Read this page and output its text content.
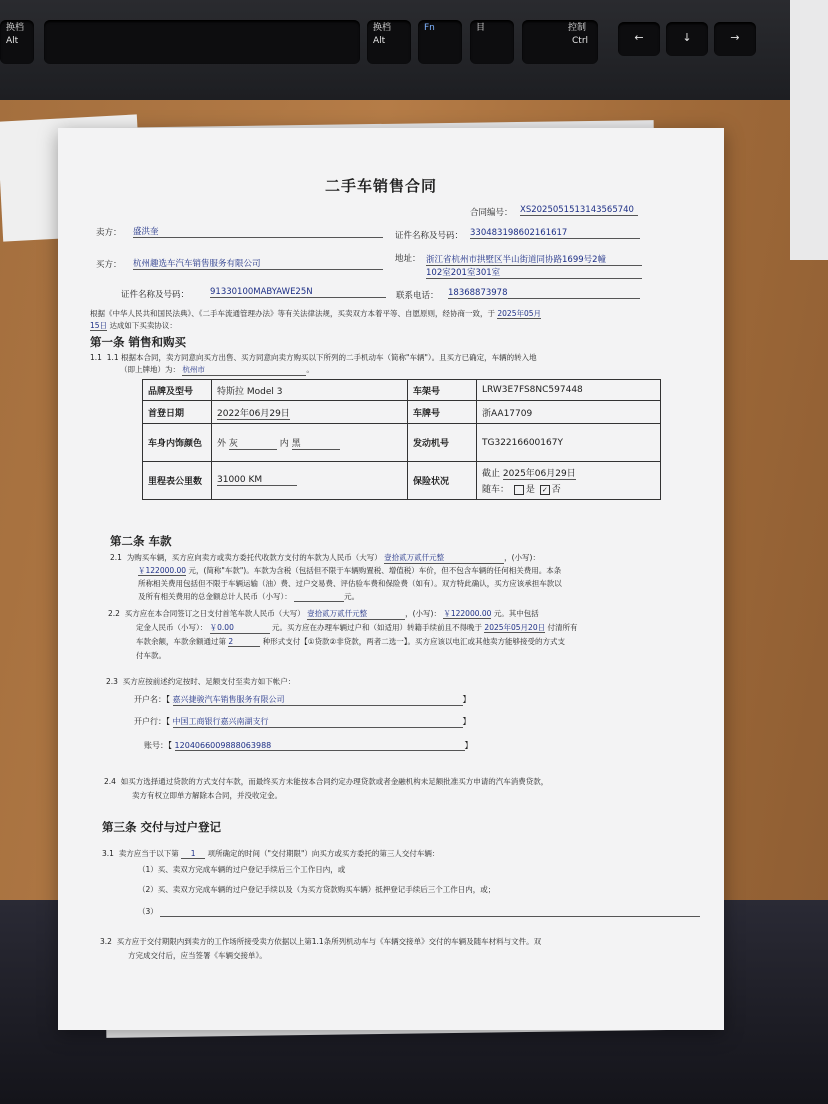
换档
Alt
换档
Alt
Fn	目	控制
Ctrl	←	↓	→
二手车销售合同
合同编号： XS2025051513143565740
卖方： 盛洪奎	证件名称及号码： 330483198602161617
买方： 杭州趣选车汽车销售服务有限公司	地址： 浙江省杭州市拱墅区半山街道同协路1699号2幢
102室201室301室
证件名称及号码： 91330100MABYAWE25N	联系电话： 18368873978
根据《中华人民共和国民法典》、《二手车流通管理办法》等有关法律法规，买卖双方本着平等、自愿原则，经协商一致，于 2025年05月
15日 达成如下买卖协议：
第一条 销售和购买
1.1 1.1 根据本合同，卖方同意向买方出售、买方同意向卖方购买以下所列的二手机动车（简称"车辆"）。且买方已确定，车辆的转入地
（即上牌地）为： 杭州市	。
品牌及型号	特斯拉 Model 3	车架号	LRW3E7FS8NC597448
首登日期	2022年06月29日	车牌号	浙AA17709
车身内饰颜色	外 灰 内 黑	发动机号	TG32216600167Y
里程表公里数	31000 KM	保险状况	截止 2025年06月29日
随车： 是 ✓ 否
第二条 车款
2.1 为购买车辆，买方应向卖方或卖方委托代收款方支付的车款为人民币（大写） 壹拾贰万贰仟元整	，(小写)：
￥122000.00 元，(简称"车款")。车款为含税（包括但不限于车辆购置税、增值税）车价，但不包含车辆的任何相关费用。本条
所称相关费用包括但不限于车辆运输（油）费、过户交易费、评估验车费和保险费（如有）。双方特此确认，买方应该承担车款以
及所有相关费用的总金额总计人民币（小写）：	元。
2.2 买方应在本合同签订之日支付首笔车款人民币（大写） 壹拾贰万贰仟元整	，(小写)： ￥122000.00 元。其中包括
定金人民币（小写）： ￥0.00	元。买方应在办理车辆过户和（如适用）转籍手续前且不得晚于 2025年05月20日 付清所有
车款余额，车款余额通过第 2	种形式支付【①贷款②非贷款，两者二选一】。买方应该以电汇或其他卖方能够接受的方式支
付车款。
2.3 买方应按前述约定按时、足额支付至卖方如下帐户：
开户名：【 嘉兴捷骏汽车销售服务有限公司	】
开户行：【 中国工商银行嘉兴南湖支行	】
账号：【 1204066009888063988	】
2.4 如买方选择通过贷款的方式支付车款，而最终买方未能按本合同约定办理贷款或者金融机构未足额批准买方申请的汽车消费贷款，
卖方有权立即单方解除本合同，并没收定金。
第三条 交付与过户登记
3.1 卖方应当于以下第 1 项所确定的时间（"交付期限"）向买方或买方委托的第三人交付车辆：
（1）买、卖双方完成车辆的过户登记手续后三个工作日内，或
（2）买、卖双方完成车辆的过户登记手续以及（为买方贷款购买车辆）抵押登记手续后三个工作日内，或；
（3）
3.2 买方应于交付期限内到卖方的工作场所接受卖方依据以上第1.1条所列机动车与《车辆交接单》交付的车辆及随车材料与文件。双
方完成交付后，应当签署《车辆交接单》。
